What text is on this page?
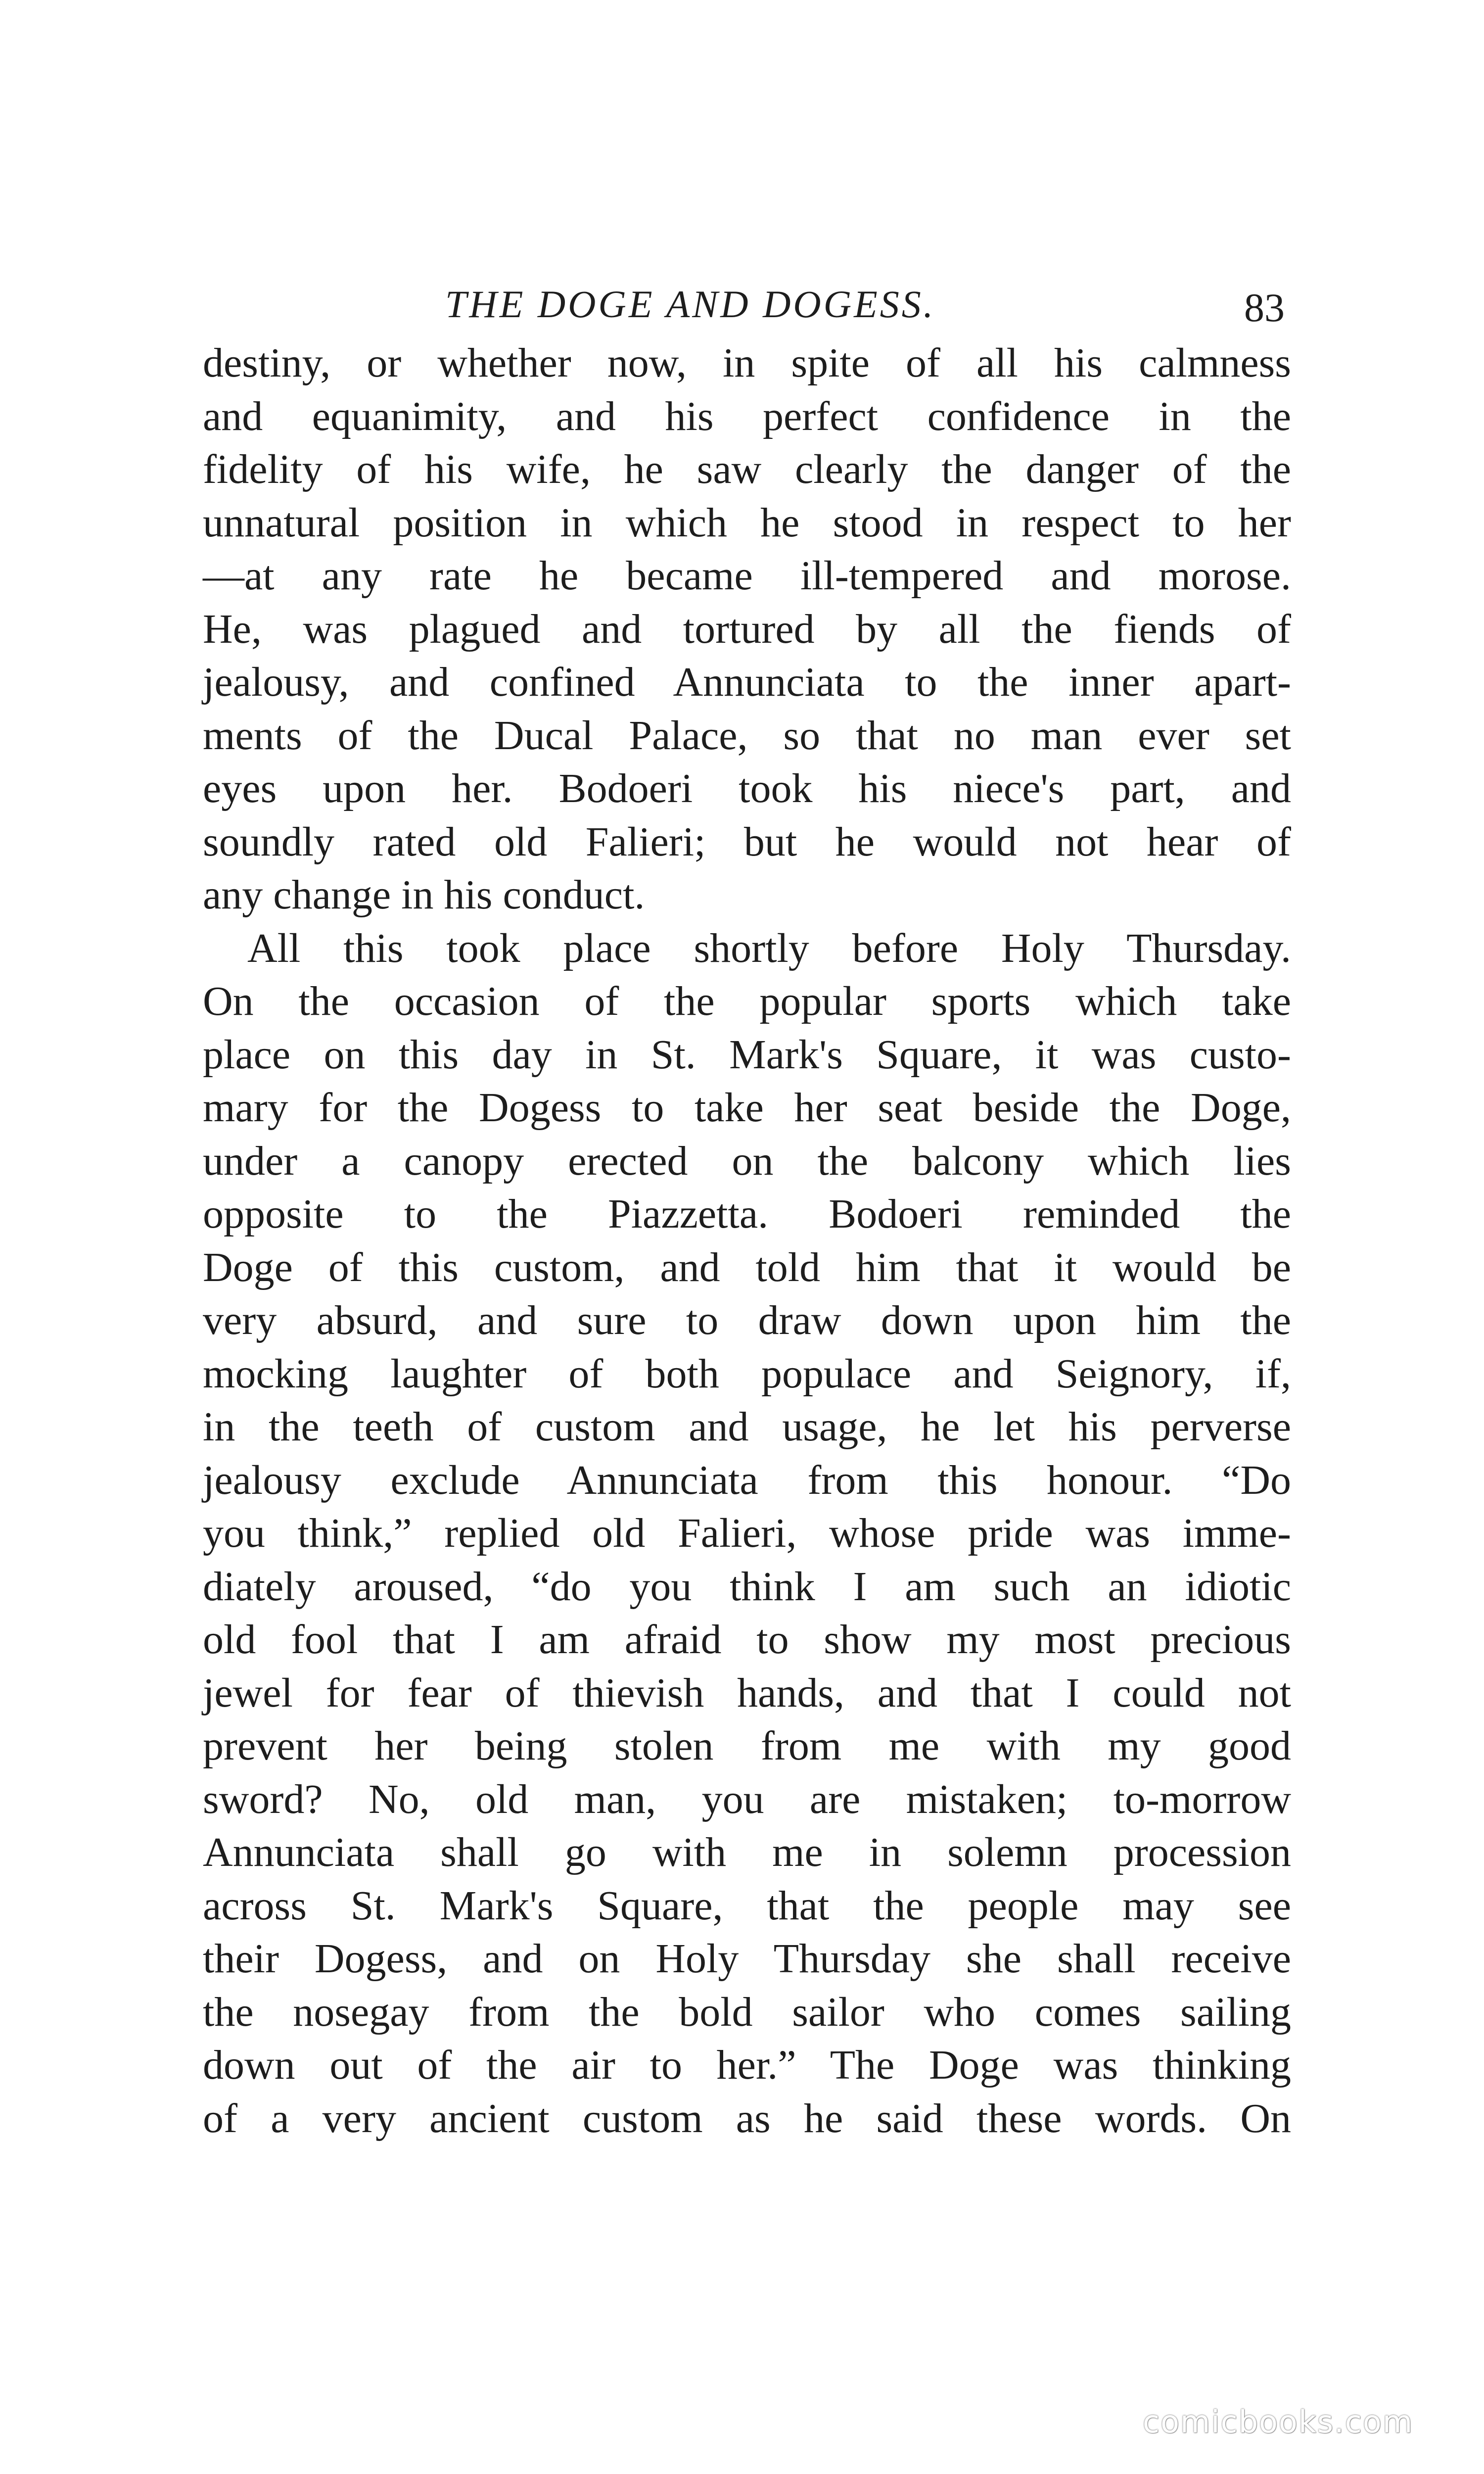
THE DOGE AND DOGESS.	83
destiny, or whether now, in spite of all his calmness
and equanimity, and his perfect confidence in the
fidelity of his wife, he saw clearly the danger of the
unnatural position in which he stood in respect to her
—at any rate he became ill-tempered and morose.
He, was plagued and tortured by all the fiends of
jealousy, and confined Annunciata to the inner apart-
ments of the Ducal Palace, so that no man ever set
eyes upon her. Bodoeri took his niece's part, and
soundly rated old Falieri; but he would not hear of
any change in his conduct.
All this took place shortly before Holy Thursday.
On the occasion of the popular sports which take
place on this day in St. Mark's Square, it was custo-
mary for the Dogess to take her seat beside the Doge,
under a canopy erected on the balcony which lies
opposite to the Piazzetta. Bodoeri reminded the
Doge of this custom, and told him that it would be
very absurd, and sure to draw down upon him the
mocking laughter of both populace and Seignory, if,
in the teeth of custom and usage, he let his perverse
jealousy exclude Annunciata from this honour. “Do
you think,” replied old Falieri, whose pride was imme-
diately aroused, “do you think I am such an idiotic
old fool that I am afraid to show my most precious
jewel for fear of thievish hands, and that I could not
prevent her being stolen from me with my good
sword? No, old man, you are mistaken; to-morrow
Annunciata shall go with me in solemn procession
across St. Mark's Square, that the people may see
their Dogess, and on Holy Thursday she shall receive
the nosegay from the bold sailor who comes sailing
down out of the air to her.” The Doge was thinking
of a very ancient custom as he said these words. On
comicbooks.com
